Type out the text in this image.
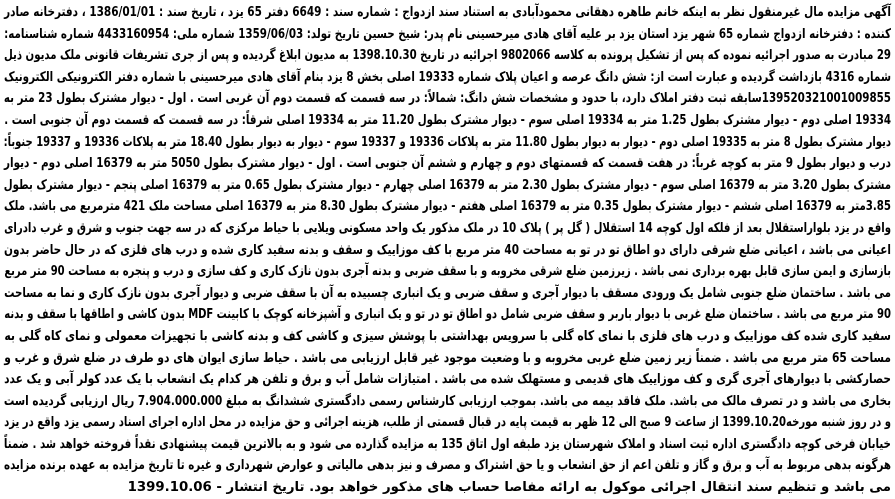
آگهی مزایده مال غیرمنقول نظر به اینکه خانم طاهره دهقانی محمودآبادی به استناد سند ازدواج : شماره سند : 6649 دفتر 65 یزد ، تاریخ سند : 1386/01/01 ، دفترخانه صادر
کننده : دفترخانه ازدواج شماره 65 شهر یزد استان یزد بر علیه آقای هادی میرحسینی نام پدر: شیخ حسین تاریخ تولد: 1359/06/03 شماره ملی: 4433160954 شماره شناسنامه:
29 مبادرت به صدور اجرائیه نموده که پس از تشکیل پرونده به کلاسه 9802066 اجرائیه در تاریخ 1398.10.30 به مدیون ابلاغ گردیده و پس از جری تشریفات قانونی ملک مدیون ذیل
شماره 4316 بازداشت گردیده و عبارت است از: شش دانگ عرصه و اعیان پلاک شماره 19333 اصلی بخش 8 یزد بنام آقای هادی میرحسینی با شماره دفتر الکترونیکی الکترونیک
139520321001009855سابقه ثبت دفتر املاک دارد، با حدود و مشخصات شش دانگ: شمالاً: در سه قسمت که قسمت دوم آن غربی است . اول - دیوار مشترک بطول 23 متر به
19334 اصلی دوم - دیوار مشترک بطول 1.25 متر به 19334 اصلی سوم - دیوار مشترک بطول 11.20 متر به 19334 اصلی شرقاً: در سه قسمت که قسمت دوم آن جنوبی است .
دیوار مشترک بطول 8 متر به 19335 اصلی دوم - دیوار به دیوار بطول 11.80 متر به پلاکات 19336 و 19337 سوم - دیوار به دیوار بطول 18.40 متر به پلاکات 19336 و 19337 جنوباً:
درب و دیوار بطول 9 متر به کوچه غرباً: در هفت قسمت که قسمتهای دوم و چهارم و ششم آن جنوبی است . اول - دیوار مشترک بطول 5050 متر به 16379 اصلی دوم - دیوار
مشترک بطول 3.20 متر به 16379 اصلی سوم - دیوار مشترک بطول 2.30 متر به 16379 اصلی چهارم - دیوار مشترک بطول 0.65 متر به 16379 اصلی پنجم - دیوار مشترک بطول
3.85متر به 16379 اصلی ششم - دیوار مشترک بطول 0.35 متر به 16379 اصلی هفتم - دیوار مشترک بطول 8.30 متر به 16379 اصلی مساحت ملک 421 مترمربع می باشد. ملک
واقع در یزد بلواراستقلال بعد از فلکه اول کوچه 14 استقلال ( گل پر ) پلاک 10 در ملک مذکور یک واحد مسکونی ویلایی با حیاط مرکزی که در سه جهت جنوب و شرق و غرب دادرای
اعیانی می باشد ، اعیانی ضلع شرقی دارای دو اطاق تو در تو به مساحت 40 متر مربع با کف موزاییک و سقف و بدنه سفید کاری شده و درب های فلزی که در حال حاضر بدون
بازسازی و ایمن سازی قابل بهره برداری نمی باشد . زیرزمین ضلع شرقی مخروبه و با سقف ضربی و بدنه آجری بدون نازک کاری و کف سازی و درب و پنجره به مساحت 90 متر مربع
می باشد . ساختمان ضلع جنوبی شامل یک ورودی مسقف با دیوار آجری و سقف ضربی و یک انباری چسبیده به آن با سقف ضربی و دیوار آجری بدون نازک کاری و نما به مساحت
90 متر مربع می باشد . ساختمان ضلع غربی با دیوار باربر و سقف ضربی شامل دو اطاق تو در تو و یک انباری و آشپزخانه کوچک با کابینت MDF بدون کاشی و اطاقها با سقف و بدنه
سفید کاری شده کف موزاییک و درب های فلزی با نمای کاه گلی با سرویس بهداشتی با پوشش سیزی و کاشی کف و بدنه کاشی با تجهیزات معمولی و نمای کاه گلی به
مساحت 65 متر مربع می باشد . ضمناً زیر زمین ضلع غربی مخروبه و با وضعیت موجود غیر قابل ارزیابی می باشد . حیاط سازی ایوان های دو طرف در ضلع شرق و غرب و
حصارکشی با دیوارهای آجری گری و کف موزاییک های قدیمی و مستهلک شده می باشد . امتیازات شامل آب و برق و تلفن هر کدام یک انشعاب با یک عدد کولر آبی و یک عدد
بخاری می باشد و در تصرف مالک می باشد. ملک فاقد بیمه می باشد. بموجب ارزیابی کارشناس رسمی دادگستری ششدانگ به مبلغ 7.904.000.000 ریال ارزیابی گردیده است
و در روز شنبه مورخه1399.10.20 از ساعت 9 صبح الی 12 ظهر به قیمت پایه در قبال قسمتی از طلب، هزینه اجرائی و حق مزایده در محل اداره اجرای اسناد رسمی یزد واقع در یزد
خیابان فرخی کوچه دادگستری اداره ثبت اسناد و املاک شهرستان یزد طبقه اول اتاق 135 به مزایده گذارده می شود و به بالاترین قیمت پیشنهادی نقداً فروخته خواهد شد . ضمناً
هرگونه بدهی مربوط به آب و برق و گاز و تلفن اعم از حق انشعاب و یا حق اشتراک و مصرف و نیز بدهی مالیاتی و عوارض شهرداری و غیره تا تاریخ مزایده به عهده برنده مزایده
می باشد و تنظیم سند انتقال اجرائی موکول به ارائه مفاصا حساب های مذکور خواهد بود. تاریخ انتشار - 1399.10.06
